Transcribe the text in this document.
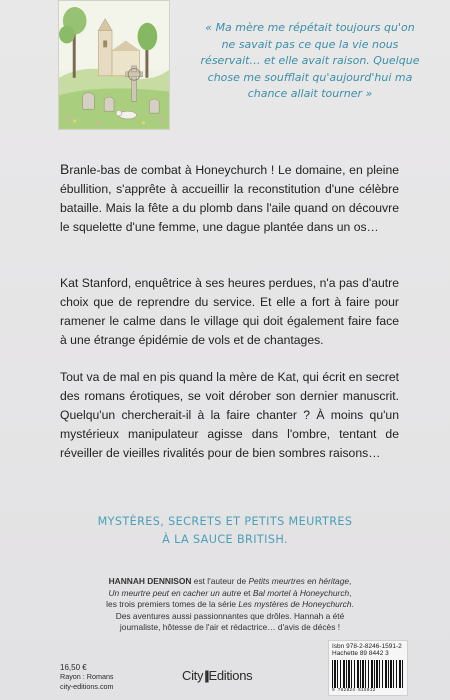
« Ma mère me répétait toujours qu'on
ne savait pas ce que la vie nous
réservait… et elle avait raison. Quelque
chose me soufflait qu'aujourd'hui ma
chance allait tourner »

Branle-bas de combat à Honeychurch ! Le domaine, en pleine ébullition, s'apprête à accueillir la reconstitution d'une célèbre bataille. Mais la fête a du plomb dans l'aile quand on découvre le squelette d'une femme, une dague plantée dans un os…

Kat Stanford, enquêtrice à ses heures perdues, n'a pas d'autre choix que de reprendre du service. Et elle a fort à faire pour ramener le calme dans le village qui doit également faire face à une étrange épidémie de vols et de chantages.

Tout va de mal en pis quand la mère de Kat, qui écrit en secret des romans érotiques, se voit dérober son dernier manuscrit. Quelqu'un chercherait-il à la faire chanter ? À moins qu'un mystérieux manipulateur agisse dans l'ombre, tentant de réveiller de vieilles rivalités pour de bien sombres raisons…

MYSTÈRES, SECRETS ET PETITS MEURTRES
À LA SAUCE BRITISH.
HANNAH DENNISON est l'auteur de Petits meurtres en héritage,
Un meurtre peut en cacher un autre et Bal mortel à Honeychurch,
les trois premiers tomes de la série Les mystères de Honeychurch.
Des aventures aussi passionnantes que drôles. Hannah a été
journaliste, hôtesse de l'air et rédactrice… d'avis de décès !
16,50 €
Rayon : Romans
city-editions.com
City||Editions
Isbn 978-2-8246-1591-2
Hachette 89 8442 3
9 782824 615912
